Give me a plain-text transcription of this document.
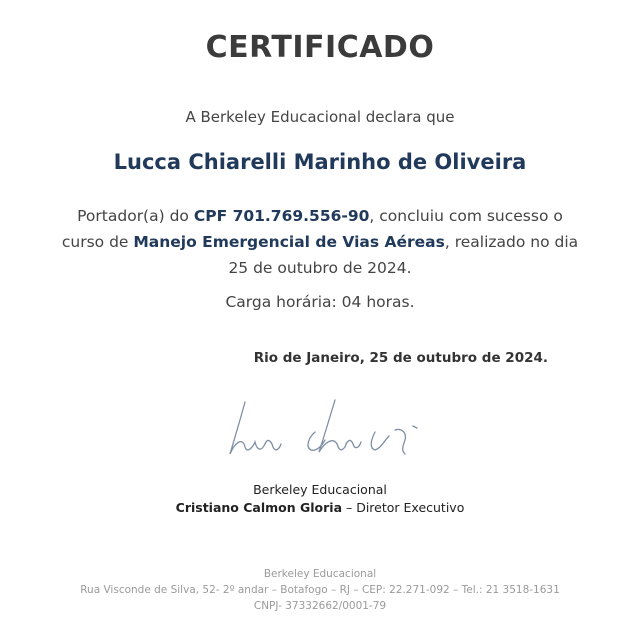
CERTIFICADO
A Berkeley Educacional declara que
Lucca Chiarelli Marinho de Oliveira
Portador(a) do CPF 701.769.556-90, concluiu com sucesso o curso de Manejo Emergencial de Vias Aéreas, realizado no dia 25 de outubro de 2024.
Carga horária: 04 horas.
Rio de Janeiro, 25 de outubro de 2024.
Berkeley Educacional
Cristiano Calmon Gloria – Diretor Executivo
Berkeley Educacional
Rua Visconde de Silva, 52- 2º andar – Botafogo – RJ – CEP: 22.271-092 – Tel.: 21 3518-1631
CNPJ- 37332662/0001-79
